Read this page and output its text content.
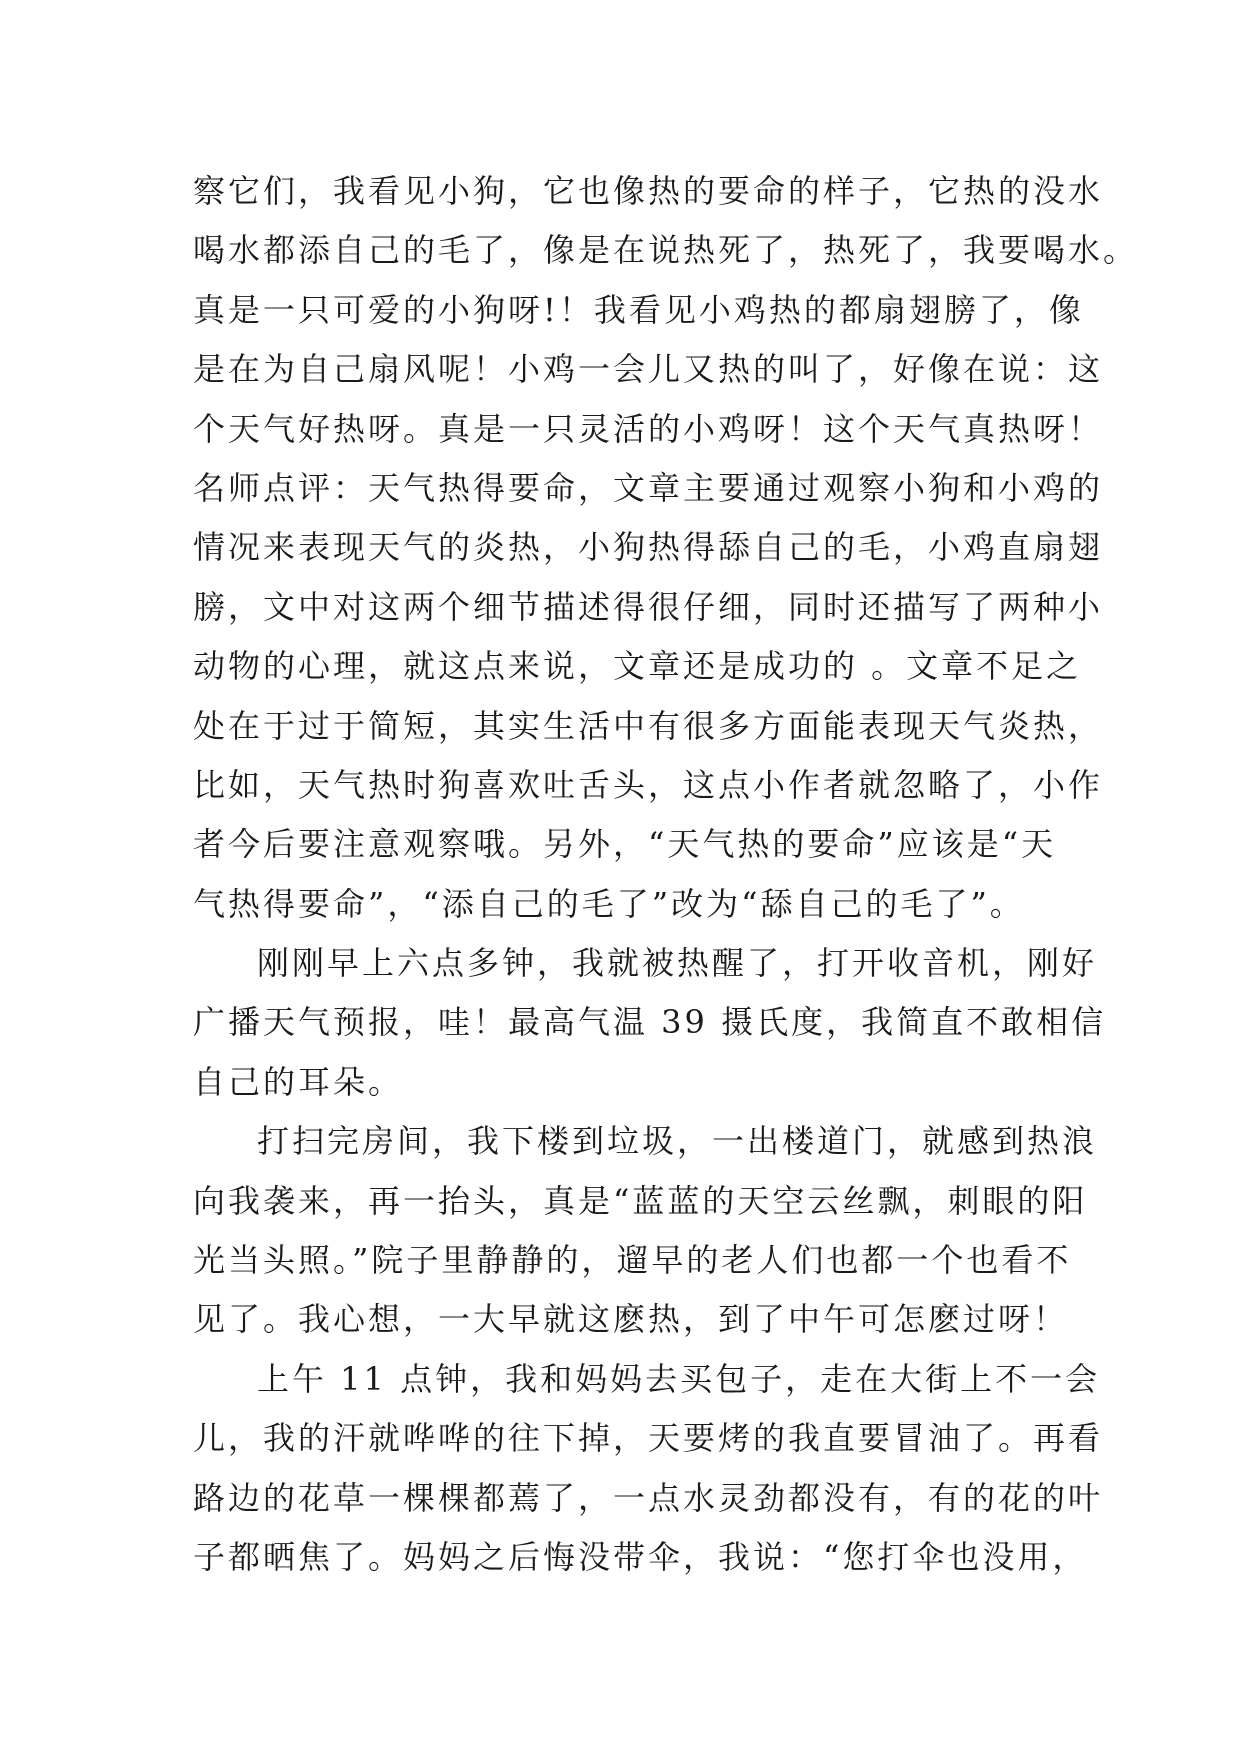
察它们，我看见小狗，它也像热的要命的样子，它热的没水
喝水都添自己的毛了，像是在说热死了，热死了，我要喝水。
真是一只可爱的小狗呀!！我看见小鸡热的都扇翅膀了，像
是在为自己扇风呢！小鸡一会儿又热的叫了，好像在说：这
个天气好热呀。真是一只灵活的小鸡呀！这个天气真热呀！
名师点评：天气热得要命，文章主要通过观察小狗和小鸡的
情况来表现天气的炎热，小狗热得舔自己的毛，小鸡直扇翅
膀，文中对这两个细节描述得很仔细，同时还描写了两种小
动物的心理，就这点来说，文章还是成功的 。文章不足之
处在于过于简短，其实生活中有很多方面能表现天气炎热，
比如，天气热时狗喜欢吐舌头，这点小作者就忽略了，小作
者今后要注意观察哦。另外，“天气热的要命”应该是“天
气热得要命”，“添自己的毛了”改为“舔自己的毛了”。
刚刚早上六点多钟，我就被热醒了，打开收音机，刚好
广播天气预报，哇！最高气温 39 摄氏度，我简直不敢相信
自己的耳朵。
打扫完房间，我下楼到垃圾，一出楼道门，就感到热浪
向我袭来，再一抬头，真是“蓝蓝的天空云丝飘，刺眼的阳
光当头照。”院子里静静的，遛早的老人们也都一个也看不
见了。我心想，一大早就这麽热，到了中午可怎麽过呀！
上午 11 点钟，我和妈妈去买包子，走在大街上不一会
儿，我的汗就哗哗的往下掉，天要烤的我直要冒油了。再看
路边的花草一棵棵都蔫了，一点水灵劲都没有，有的花的叶
子都晒焦了。妈妈之后悔没带伞，我说：“您打伞也没用，
